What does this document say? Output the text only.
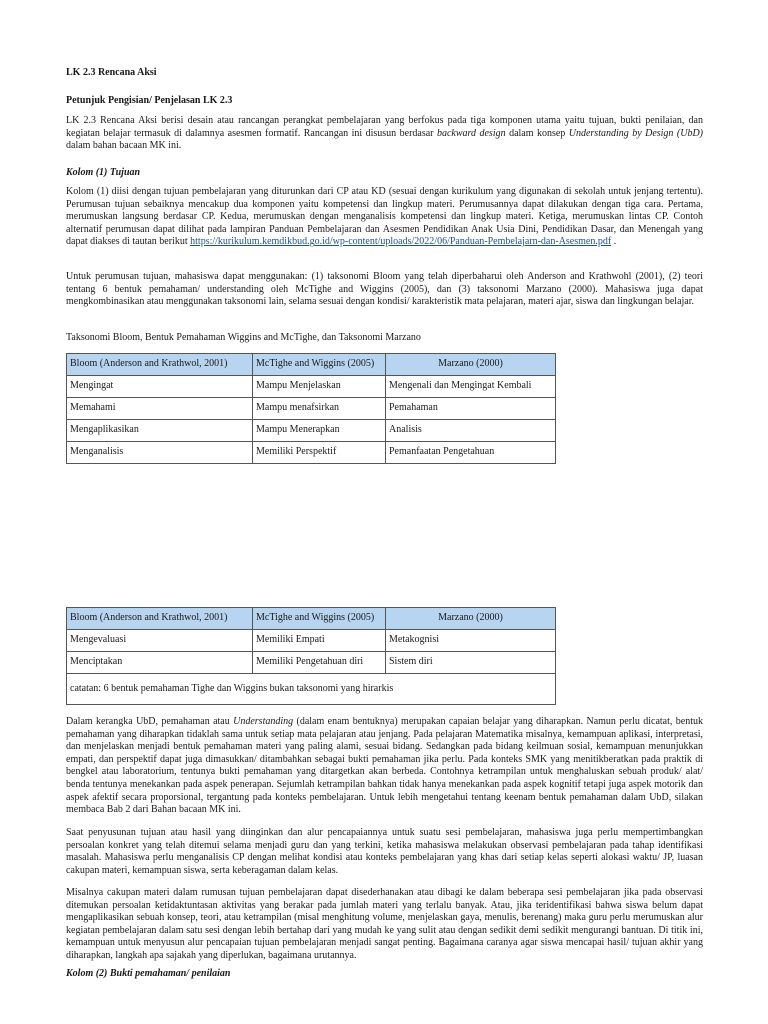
LK 2.3 Rencana Aksi

Petunjuk Pengisian/ Penjelasan LK 2.3

LK 2.3 Rencana Aksi berisi desain atau rancangan perangkat pembelajaran yang berfokus pada tiga komponen utama yaitu tujuan, bukti penilaian, dan kegiatan belajar termasuk di dalamnya asesmen formatif. Rancangan ini disusun berdasar backward design dalam konsep Understanding by Design (UbD) dalam bahan bacaan MK ini.

Kolom (1) Tujuan

Kolom (1) diisi dengan tujuan pembelajaran yang diturunkan dari CP atau KD (sesuai dengan kurikulum yang digunakan di sekolah untuk jenjang tertentu). Perumusan tujuan sebaiknya mencakup dua komponen yaitu kompetensi dan lingkup materi. Perumusannya dapat dilakukan dengan tiga cara. Pertama, merumuskan langsung berdasar CP. Kedua, merumuskan dengan menganalisis kompetensi dan lingkup materi. Ketiga, merumuskan lintas CP. Contoh alternatif perumusan dapat dilihat pada lampiran Panduan Pembelajaran dan Asesmen Pendidikan Anak Usia Dini, Pendidikan Dasar, dan Menengah yang dapat diakses di tautan berikut https://kurikulum.kemdikbud.go.id/wp-content/uploads/2022/06/Panduan-Pembelajarn-dan-Asesmen.pdf .

Untuk perumusan tujuan, mahasiswa dapat menggunakan: (1) taksonomi Bloom yang telah diperbaharui oleh Anderson and Krathwohl (2001), (2) teori tentang 6 bentuk pemahaman/ understanding oleh McTighe and Wiggins (2005), dan (3) taksonomi Marzano (2000). Mahasiswa juga dapat mengkombinasikan atau menggunakan taksonomi lain, selama sesuai dengan kondisi/ karakteristik mata pelajaran, materi ajar, siswa dan lingkungan belajar.

Taksonomi Bloom, Bentuk Pemahaman Wiggins and McTighe, dan Taksonomi Marzano

Bloom (Anderson and Krathwol, 2001)	McTighe and Wiggins (2005)	Marzano (2000)
Mengingat	Mampu Menjelaskan	Mengenali dan Mengingat Kembali
Memahami	Mampu menafsirkan	Pemahaman
Mengaplikasikan	Mampu Menerapkan	Analisis
Menganalisis	Memiliki Perspektif	Pemanfaatan Pengetahuan
Bloom (Anderson and Krathwol, 2001)	McTighe and Wiggins (2005)	Marzano (2000)
Mengevaluasi	Memiliki Empati	Metakognisi
Menciptakan	Memiliki Pengetahuan diri	Sistem diri
catatan: 6 bentuk pemahaman Tighe dan Wiggins bukan taksonomi yang hirarkis		

Dalam kerangka UbD, pemahaman atau Understanding (dalam enam bentuknya) merupakan capaian belajar yang diharapkan. Namun perlu dicatat, bentuk pemahaman yang diharapkan tidaklah sama untuk setiap mata pelajaran atau jenjang. Pada pelajaran Matematika misalnya, kemampuan aplikasi, interpretasi, dan menjelaskan menjadi bentuk pemahaman materi yang paling alami, sesuai bidang. Sedangkan pada bidang keilmuan sosial, kemampuan menunjukkan empati, dan perspektif dapat juga dimasukkan/ ditambahkan sebagai bukti pemahaman jika perlu. Pada konteks SMK yang menitikberatkan pada praktik di bengkel atau laboratorium, tentunya bukti pemahaman yang ditargetkan akan berbeda. Contohnya ketrampilan untuk menghaluskan sebuah produk/ alat/ benda tentunya menekankan pada aspek penerapan. Sejumlah ketrampilan bahkan tidak hanya menekankan pada aspek kognitif tetapi juga aspek motorik dan aspek afektif secara proporsional, tergantung pada konteks pembelajaran. Untuk lebih mengetahui tentang keenam bentuk pemahaman dalam UbD, silakan membaca Bab 2 dari Bahan bacaan MK ini.

Saat penyusunan tujuan atau hasil yang diinginkan dan alur pencapaiannya untuk suatu sesi pembelajaran, mahasiswa juga perlu mempertimbangkan persoalan konkret yang telah ditemui selama menjadi guru dan yang terkini, ketika mahasiswa melakukan observasi pembelajaran pada tahap identifikasi masalah. Mahasiswa perlu menganalisis CP dengan melihat kondisi atau konteks pembelajaran yang khas dari setiap kelas seperti alokasi waktu/ JP, luasan cakupan materi, kemampuan siswa, serta keberagaman dalam kelas.

Misalnya cakupan materi dalam rumusan tujuan pembelajaran dapat disederhanakan atau dibagi ke dalam beberapa sesi pembelajaran jika pada observasi ditemukan persoalan ketidaktuntasan aktivitas yang berakar pada jumlah materi yang terlalu banyak. Atau, jika teridentifikasi bahwa siswa belum dapat mengaplikasikan sebuah konsep, teori, atau ketrampilan (misal menghitung volume, menjelaskan gaya, menulis, berenang) maka guru perlu merumuskan alur kegiatan pembelajaran dalam satu sesi dengan lebih bertahap dari yang mudah ke yang sulit atau dengan sedikit demi sedikit mengurangi bantuan. Di titik ini, kemampuan untuk menyusun alur pencapaian tujuan pembelajaran menjadi sangat penting. Bagaimana caranya agar siswa mencapai hasil/ tujuan akhir yang diharapkan, langkah apa sajakah yang diperlukan, bagaimana urutannya.

Kolom (2) Bukti pemahaman/ penilaian
